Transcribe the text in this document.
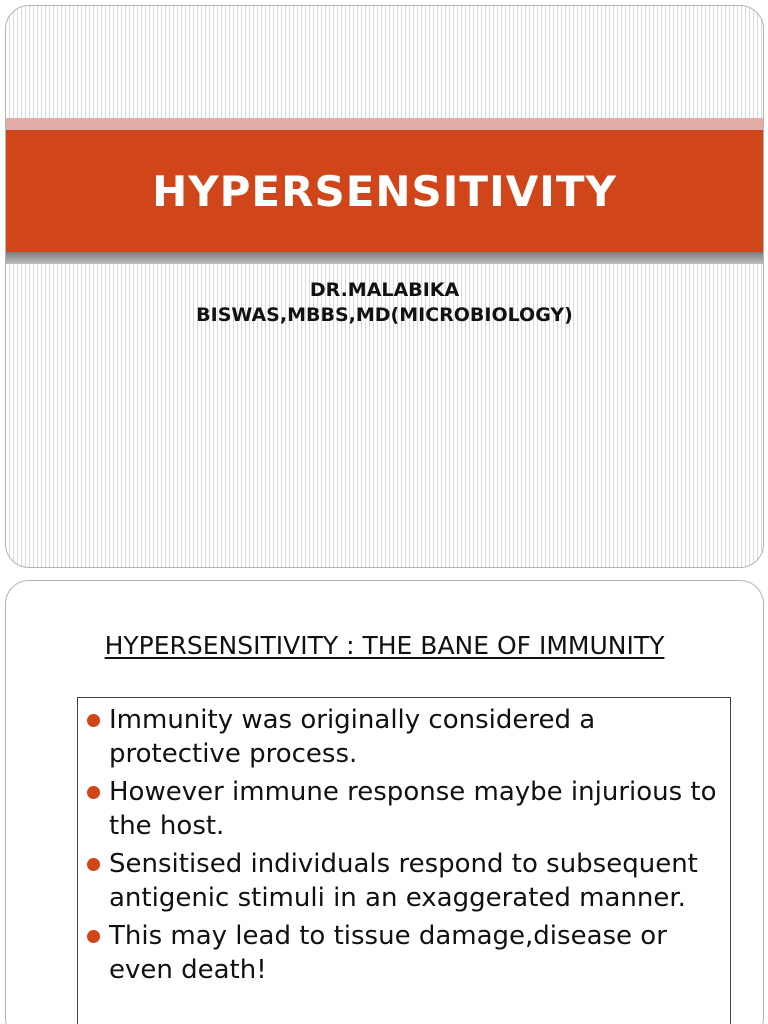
HYPERSENSITIVITY
DR.MALABIKA
BISWAS,MBBS,MD(MICROBIOLOGY)
HYPERSENSITIVITY : THE BANE OF IMMUNITY
Immunity was originally considered a protective process.
However immune response maybe injurious to the host.
Sensitised individuals respond to subsequent antigenic stimuli in an exaggerated manner.
This may lead to tissue damage,disease or even death!
